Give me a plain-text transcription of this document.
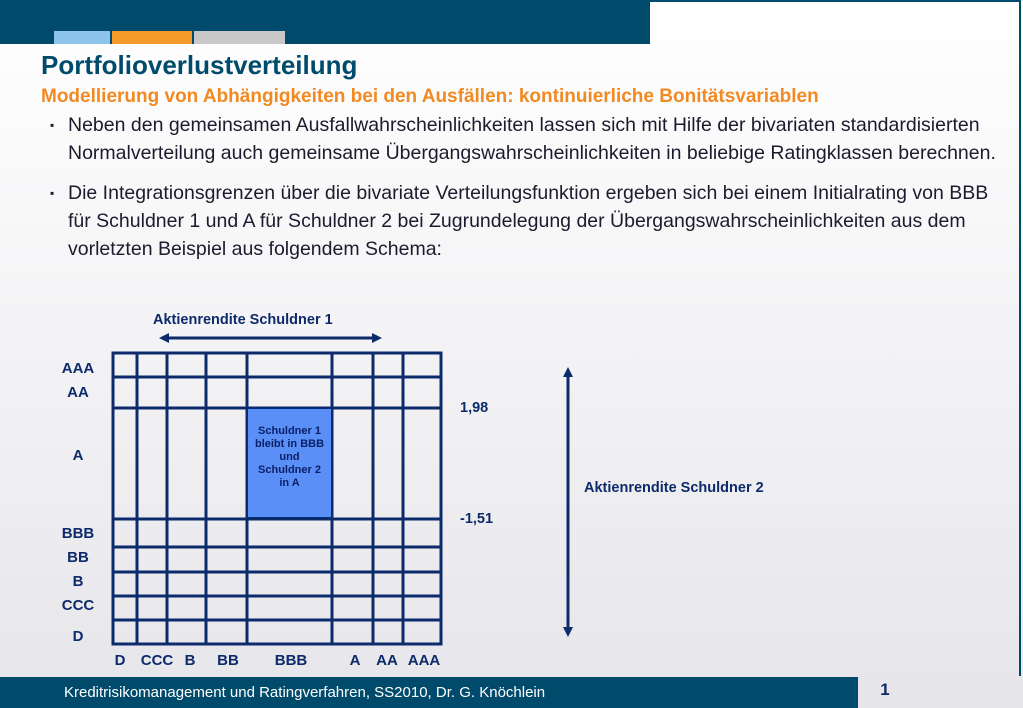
Portfolioverlustverteilung
Modellierung von Abhängigkeiten bei den Ausfällen: kontinuierliche Bonitätsvariablen
▪ Neben den gemeinsamen Ausfallwahrscheinlichkeiten lassen sich mit Hilfe der bivariaten standardisierten Normalverteilung auch gemeinsame Übergangswahrscheinlichkeiten in beliebige Ratingklassen berechnen.
▪ Die Integrationsgrenzen über die bivariate Verteilungsfunktion ergeben sich bei einem Initialrating von BBB für Schuldner 1 und A für Schuldner 2 bei Zugrundelegung der Übergangswahrscheinlichkeiten aus dem vorletzten Beispiel aus folgendem Schema:
Schuldner 1
bleibt in BBB
und
Schuldner 2
in A
Aktienrendite Schuldner 1
Aktienrendite Schuldner 2
1,98
-1,51
AAA
AA
A
BBB
BB
B
CCC
D
D	CCC B	BB	BBB	A	AA AAA
Kreditrisikomanagement und Ratingverfahren, SS2010, Dr. G. Knöchlein	1
